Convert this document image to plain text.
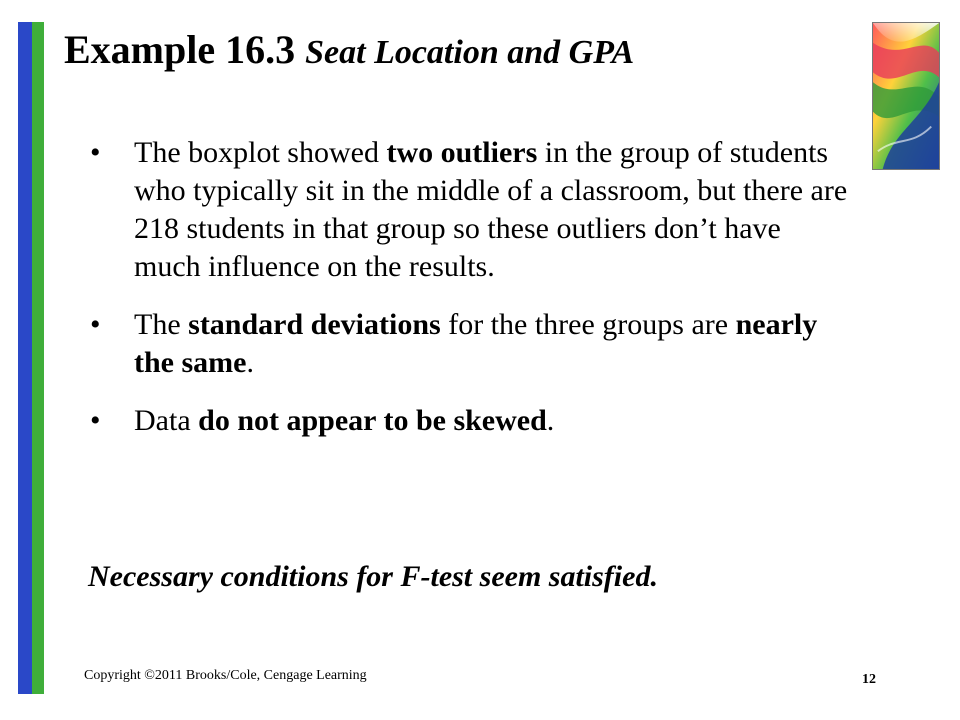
Example 16.3 Seat Location and GPA
• The boxplot showed two outliers in the group of students who typically sit in the middle of a classroom, but there are 218 students in that group so these outliers don’t have much influence on the results.
• The standard deviations for the three groups are nearly the same.
• Data do not appear to be skewed.
Necessary conditions for F-test seem satisfied.
Copyright ©2011 Brooks/Cole, Cengage Learning	12
